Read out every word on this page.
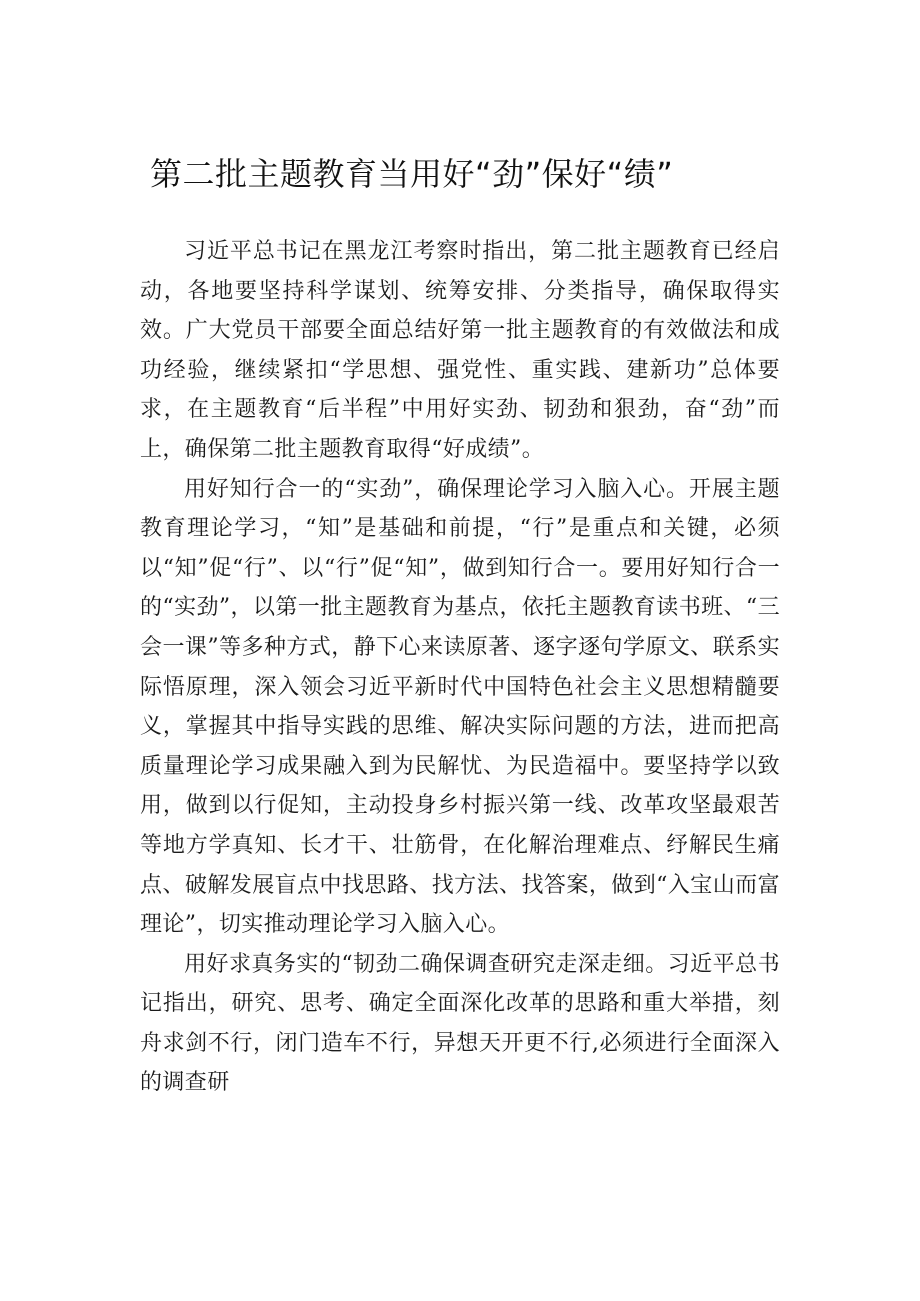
第二批主题教育当用好“劲”保好“绩”

习近平总书记在黑龙江考察时指出，第二批主题教育已经启动，各地要坚持科学谋划、统筹安排、分类指导，确保取得实效。广大党员干部要全面总结好第一批主题教育的有效做法和成功经验，继续紧扣“学思想、强党性、重实践、建新功”总体要求，在主题教育“后半程”中用好实劲、韧劲和狠劲，奋“劲”而上，确保第二批主题教育取得“好成绩”。

用好知行合一的“实劲”，确保理论学习入脑入心。开展主题教育理论学习，“知”是基础和前提，“行”是重点和关键，必须以“知”促“行”、以“行”促“知”，做到知行合一。要用好知行合一的“实劲”，以第一批主题教育为基点，依托主题教育读书班、“三会一课”等多种方式，静下心来读原著、逐字逐句学原文、联系实际悟原理，深入领会习近平新时代中国特色社会主义思想精髓要义，掌握其中指导实践的思维、解决实际问题的方法，进而把高质量理论学习成果融入到为民解忧、为民造福中。要坚持学以致用，做到以行促知，主动投身乡村振兴第一线、改革攻坚最艰苦等地方学真知、长才干、壮筋骨，在化解治理难点、纾解民生痛点、破解发展盲点中找思路、找方法、找答案，做到“入宝山而富理论”，切实推动理论学习入脑入心。

用好求真务实的“韧劲二确保调查研究走深走细。习近平总书记指出，研究、思考、确定全面深化改革的思路和重大举措，刻舟求剑不行，闭门造车不行，异想天开更不行,必须进行全面深入的调查研
